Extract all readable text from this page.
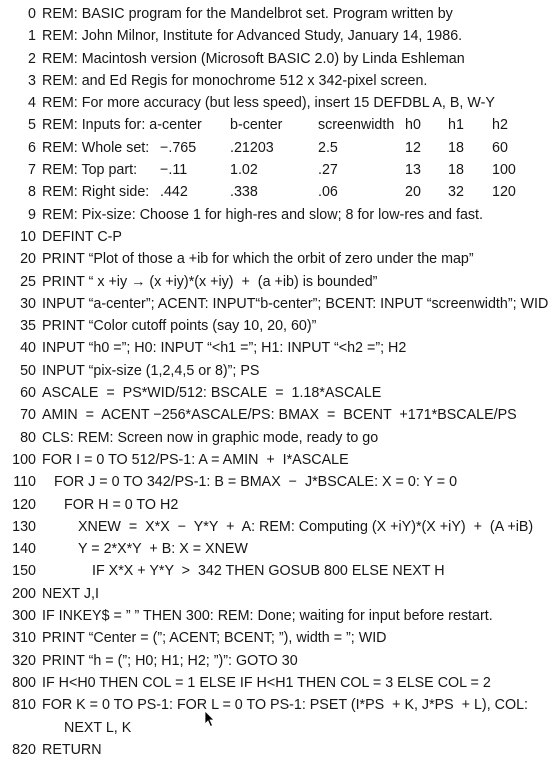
0 REM: BASIC program for the Mandelbrot set. Program written by
1 REM: John Milnor, Institute for Advanced Study, January 14, 1986.
2 REM: Macintosh version (Microsoft BASIC 2.0) by Linda Eshleman
3 REM: and Ed Regis for monochrome 512 x 342-pixel screen.
4 REM: For more accuracy (but less speed), insert 15 DEFDBL A, B, W-Y
5 REM: Inputs for: a-center b-center screenwidth h0 h1 h2
6 REM: Whole set: −.765 .21203	2.5	12 18 60
7 REM: Top part: −.11	1.02	.27	13 18 100
8 REM: Right side: .442	.338	.06	20 32 120
9 REM: Pix-size: Choose 1 for high-res and slow; 8 for low-res and fast.
10 DEFINT C-P
20 PRINT “Plot of those a +ib for which the orbit of zero under the map”
25 PRINT “ x +iy → (x +iy)*(x +iy)  +  (a +ib) is bounded”
30 INPUT “a-center”; ACENT: INPUT“b-center”; BCENT: INPUT “screenwidth”; WID
35 PRINT “Color cutoff points (say 10, 20, 60)”
40 INPUT “h0 =”; H0: INPUT “<h1 =”; H1: INPUT “<h2 =”; H2
50 INPUT “pix-size (1,2,4,5 or 8)”; PS
60 ASCALE  =  PS*WID/512: BSCALE  =  1.18*ASCALE
70 AMIN  =  ACENT −256*ASCALE/PS: BMAX  =  BCENT  +171*BSCALE/PS
80 CLS: REM: Screen now in graphic mode, ready to go
100 FOR I = 0 TO 512/PS-1: A = AMIN  +  I*ASCALE
110 FOR J = 0 TO 342/PS-1: B = BMAX  −  J*BSCALE: X = 0: Y = 0
120 FOR H = 0 TO H2
130	XNEW  =  X*X  −  Y*Y  +  A: REM: Computing (X +iY)*(X +iY)  +  (A +iB)
140	Y = 2*X*Y  + B: X = XNEW
150	IF X*X + Y*Y  >  342 THEN GOSUB 800 ELSE NEXT H
200 NEXT J,I
300 IF INKEY$ = ” ” THEN 300: REM: Done; waiting for input before restart.
310 PRINT “Center = (”; ACENT; BCENT; ”), width = ”; WID
320 PRINT “h = (”; H0; H1; H2; ”)”: GOTO 30
800 IF H<H0 THEN COL = 1 ELSE IF H<H1 THEN COL = 3 ELSE COL = 2
810 FOR K = 0 TO PS-1: FOR L = 0 TO PS-1: PSET (I*PS  + K, J*PS  + L), COL:
NEXT L, K
820 RETURN
